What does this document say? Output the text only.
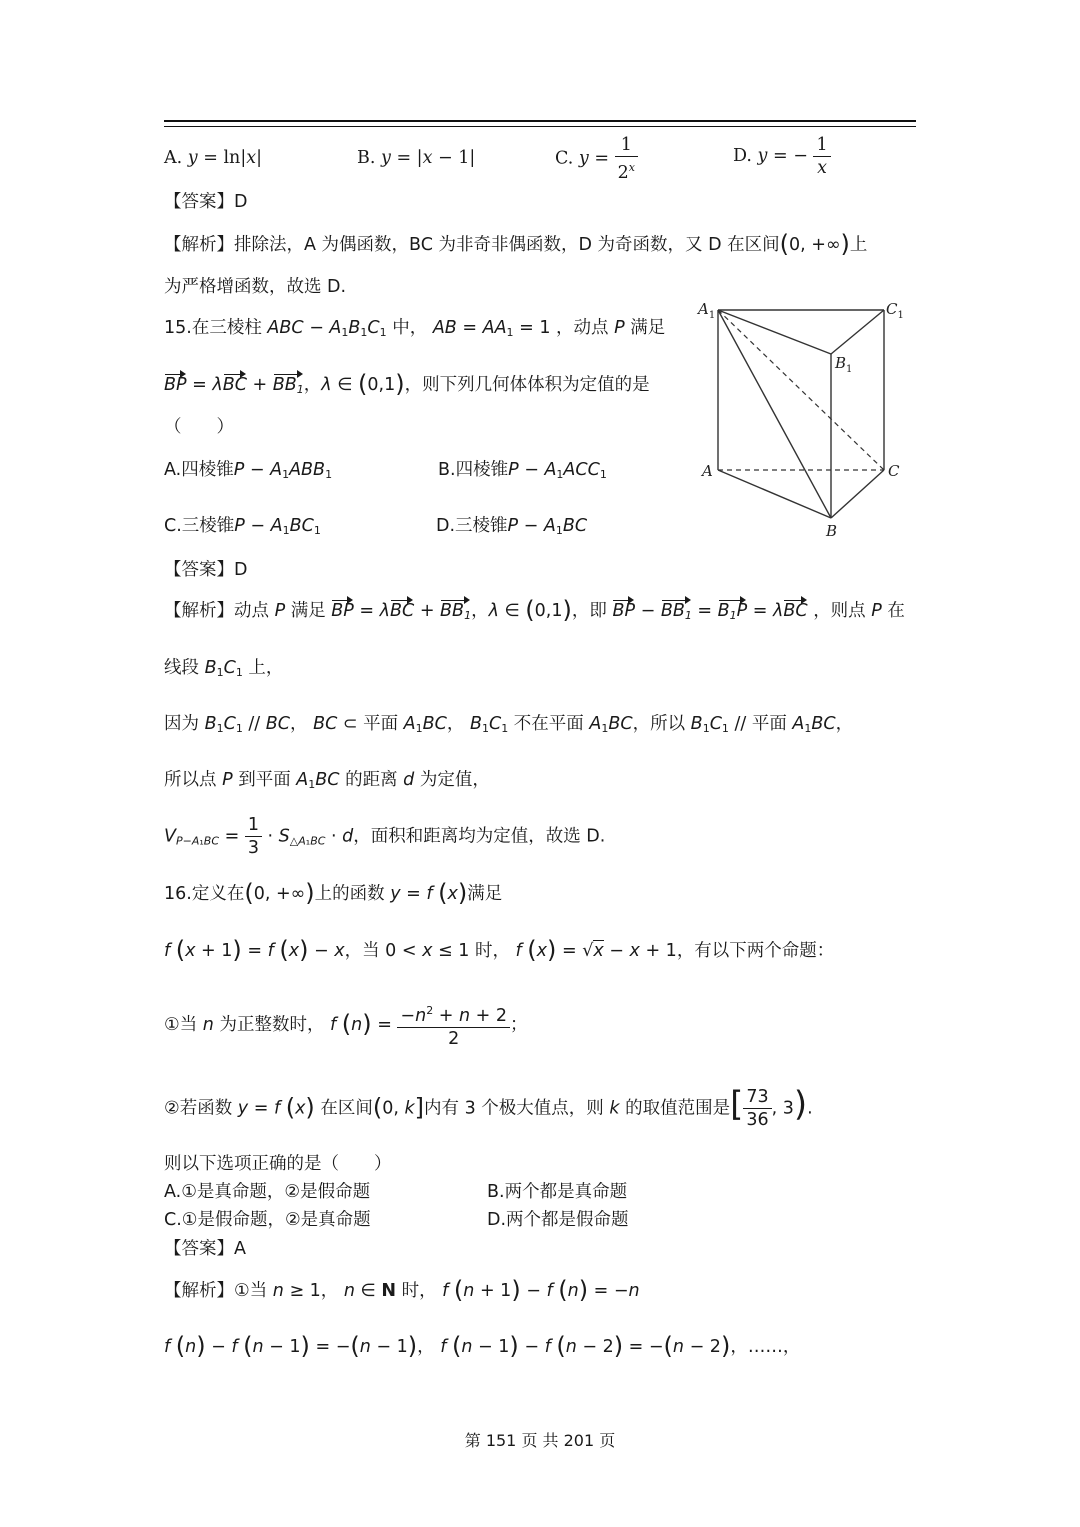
A. y = ln|x|	B. y = |x − 1|	C. $y = \frac{1}{2^x}$	D. y = − $\frac{1}{x}$
【答案】D
【解析】排除法，A 为偶函数，BC 为非奇非偶函数，D 为奇函数，又 D 在区间(0, +∞)上
为严格增函数，故选 D.
15.在三棱柱 ABC − $A_1B_1C_1$ 中， AB = $AA_1 = 1$ ，动点 P 满足
BP = $\lambda BC + BB_1$，λ ∈ (0,1)，则下列几何体体积为定值的是
（　　）
A.四棱锥$P - A_1ABB_1$	B.四棱锥$P - A_1ACC_1$
C.三棱锥$P - A_1BC_1$	D.三棱锥$P - A_1BC$
$A_1$	$C_1$
$B_1$
A	C
B
【答案】D
【解析】动点 P 满足 BP = $\lambda BC + BB_1$，λ ∈ (0,1)，即 BP − $BB_1 = B_1P = \lambda BC$ ，则点 P 在
线段 $B_1C_1$ 上，
因为 $B_1C_1$ // BC， BC ⊂ 平面 $A_1BC$， $B_1C_1$ 不在平面 $A_1BC$，所以 $B_1C_1$ // 平面 $A_1BC$，
所以点 P 到平面 $A_1BC$ 的距离 d 为定值，
$V_{P-A_1BC} = \frac{1}{3} \cdot S_{\triangle A_1BC} \cdot d$，面积和距离均为定值，故选 D.
16.定义在(0, +∞)上的函数 y = f (x)满足
f (x + 1) = f (x) − x，当 0 < x ≤ 1 时， f (x) = √x − x + 1，有以下两个命题：
①当 n 为正整数时， f $(n) = \frac{-n^2 + n + 2}{2}$ ；
②若函数 y = f (x) 在区间(0, k]内有 3 个极大值点，则 k 的取值范围是[ $\frac{73}{36}$ , 3).
则以下选项正确的是（　　）
A.①是真命题，②是假命题	B.两个都是真命题
C.①是假命题，②是真命题	D.两个都是假命题
【答案】A
【解析】①当 n ≥ 1， n ∈ N 时， f (n + 1) − f (n) = −n
f (n) − f (n − 1) = −(n − 1)， f (n − 1) − f (n − 2) = −(n − 2)，……，
第 151 页 共 201 页
